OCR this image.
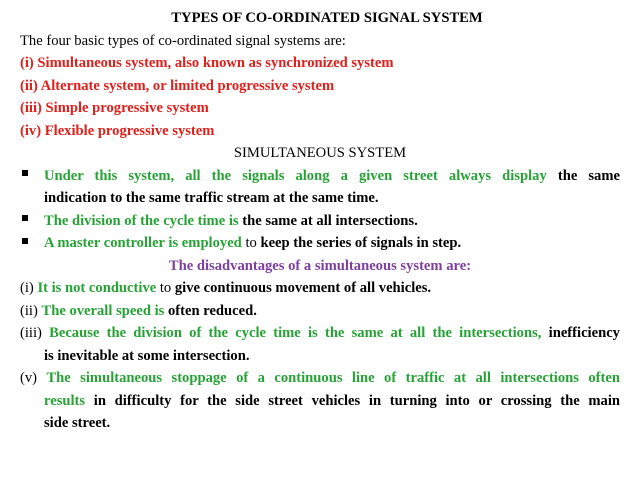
TYPES OF CO-ORDINATED SIGNAL SYSTEM
The four basic types of co-ordinated signal systems are:
(i) Simultaneous system, also known as synchronized system
(ii) Alternate system, or limited progressive system
(iii) Simple progressive system
(iv) Flexible progressive system
SIMULTANEOUS SYSTEM
Under this system, all the signals along a given street always display the same
indication to the same traffic stream at the same time.
The division of the cycle time is the same at all intersections.
A master controller is employed to keep the series of signals in step.
The disadvantages of a simultaneous system are:
(i) It is not conductive to give continuous movement of all vehicles.
(ii) The overall speed is often reduced.
(iii) Because the division of the cycle time is the same at all the intersections, inefficiency
is inevitable at some intersection.
(v) The simultaneous stoppage of a continuous line of traffic at all intersections often
results in difficulty for the side street vehicles in turning into or crossing the main
side street.
